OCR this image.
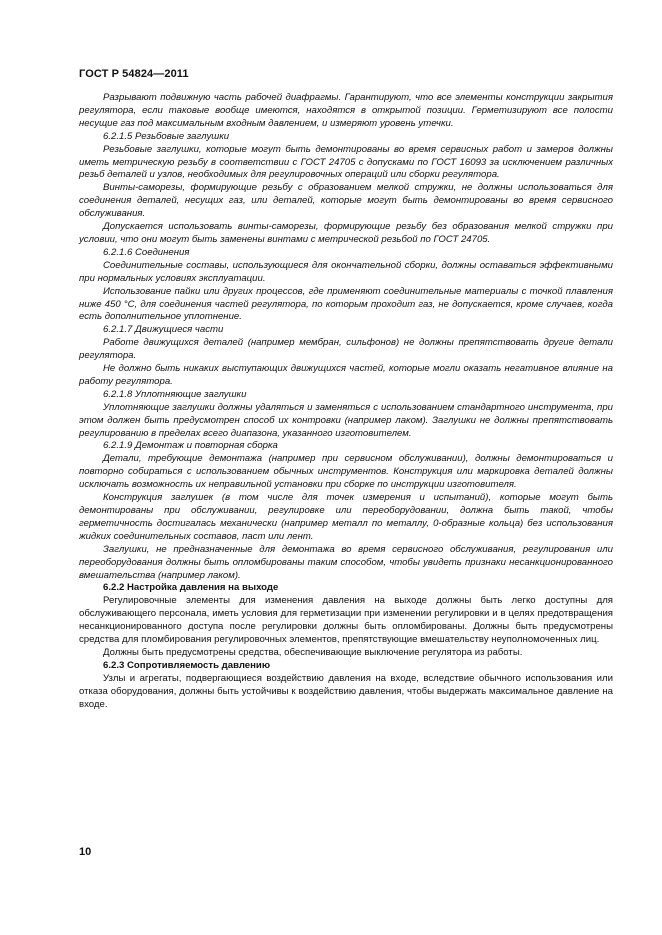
ГОСТ Р 54824—2011

Разрывают подвижную часть рабочей диафрагмы. Гарантируют, что все элементы конструкции закрытия регулятора, если таковые вообще имеются, находятся в открытой позиции. Герметизируют все полости несущие газ под максимальным входным давлением, и измеряют уровень утечки.

6.2.1.5 Резьбовые заглушки

Резьбовые заглушки, которые могут быть демонтированы во время сервисных работ и замеров должны иметь метрическую резьбу в соответствии с ГОСТ 24705 с допусками по ГОСТ 16093 за исключением различных резьб деталей и узлов, необходимых для регулировочных операций или сборки регулятора.

Винты-саморезы, формирующие резьбу с образованием мелкой стружки, не должны использоваться для соединения деталей, несущих газ, или деталей, которые могут быть демонтированы во время сервисного обслуживания.

Допускается использовать винты-саморезы, формирующие резьбу без образования мелкой стружки при условии, что они могут быть заменены винтами с метрической резьбой по ГОСТ 24705.

6.2.1.6 Соединения

Соединительные составы, использующиеся для окончательной сборки, должны оставаться эффективными при нормальных условиях эксплуатации.

Использование пайки или других процессов, где применяют соединительные материалы с точкой плавления ниже 450 °С, для соединения частей регулятора, по которым проходит газ, не допускается, кроме случаев, когда есть дополнительное уплотнение.

6.2.1.7 Движущиеся части

Работе движущихся деталей (например мембран, сильфонов) не должны препятствовать другие детали регулятора.

Не должно быть никаких выступающих движущихся частей, которые могли оказать негативное влияние на работу регулятора.

6.2.1.8 Уплотняющие заглушки

Уплотняющие заглушки должны удаляться и заменяться с использованием стандартного инструмента, при этом должен быть предусмотрен способ их контровки (например лаком). Заглушки не должны препятствовать регулированию в пределах всего диапазона, указанного изготовителем.

6.2.1.9 Демонтаж и повторная сборка

Детали, требующие демонтажа (например при сервисном обслуживании), должны демонтироваться и повторно собираться с использованием обычных инструментов. Конструкция или маркировка деталей должны исключать возможность их неправильной установки при сборке по инструкции изготовителя.

Конструкция заглушек (в том числе для точек измерения и испытаний), которые могут быть демонтированы при обслуживании, регулировке или переоборудовании, должна быть такой, чтобы герметичность достигалась механически (например металл по металлу, 0-образные кольца) без использования жидких соединительных составов, паст или лент.

Заглушки, не предназначенные для демонтажа во время сервисного обслуживания, регулирования или переоборудования должны быть опломбированы таким способом, чтобы увидеть признаки несанкционированного вмешательства (например лаком).

6.2.2 Настройка давления на выходе

Регулировочные элементы для изменения давления на выходе должны быть легко доступны для обслуживающего персонала, иметь условия для герметизации при изменении регулировки и в целях предотвращения несанкционированного доступа после регулировки должны быть опломбированы. Должны быть предусмотрены средства для пломбирования регулировочных элементов, препятствующие вмешательству неуполномоченных лиц.

Должны быть предусмотрены средства, обеспечивающие выключение регулятора из работы.

6.2.3 Сопротивляемость давлению

Узлы и агрегаты, подвергающиеся воздействию давления на входе, вследствие обычного использования или отказа оборудования, должны быть устойчивы к воздействию давления, чтобы выдержать максимальное давление на входе.

10
